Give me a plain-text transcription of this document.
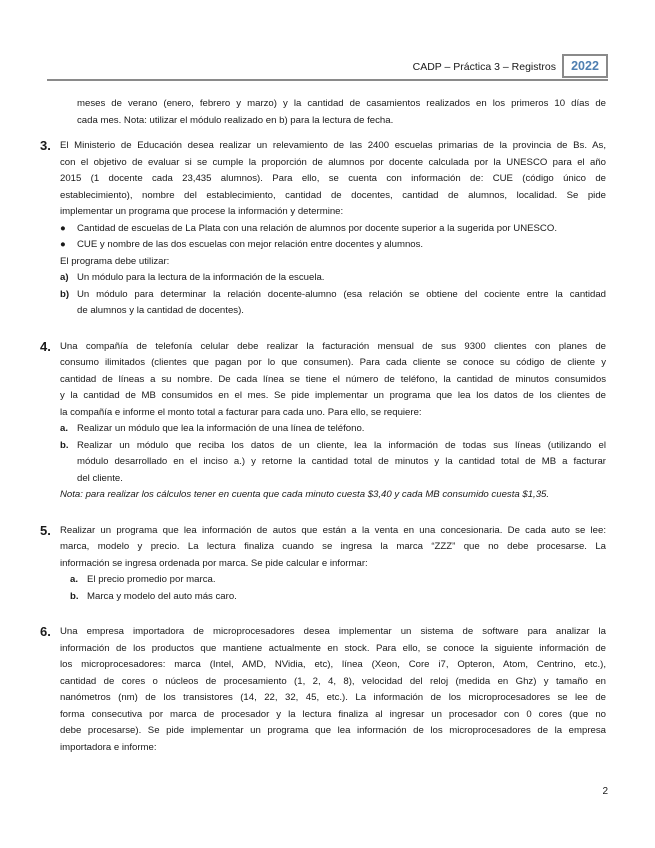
CADP – Práctica 3 – Registros	2022

meses de verano (enero, febrero y marzo) y la cantidad de casamientos realizados en los primeros 10 días de

cada mes. Nota: utilizar el módulo realizado en b) para la lectura de fecha.

3. El Ministerio de Educación desea realizar un relevamiento de las 2400 escuelas primarias de la provincia de Bs. As,

con el objetivo de evaluar si se cumple la proporción de alumnos por docente calculada por la UNESCO para el año

2015 (1 docente cada 23,435 alumnos). Para ello, se cuenta con información de: CUE (código único de

establecimiento), nombre del establecimiento, cantidad de docentes, cantidad de alumnos, localidad. Se pide

implementar un programa que procese la información y determine:

●	Cantidad de escuelas de La Plata con una relación de alumnos por docente superior a la sugerida por UNESCO.

●	CUE y nombre de las dos escuelas con mejor relación entre docentes y alumnos.

El programa debe utilizar:

a) Un módulo para la lectura de la información de la escuela.

b) Un módulo para determinar la relación docente-alumno (esa relación se obtiene del cociente entre la cantidad

de alumnos y la cantidad de docentes).

4. Una compañía de telefonía celular debe realizar la facturación mensual de sus 9300 clientes con planes de

consumo ilimitados (clientes que pagan por lo que consumen). Para cada cliente se conoce su código de cliente y

cantidad de líneas a su nombre. De cada línea se tiene el número de teléfono, la cantidad de minutos consumidos

y la cantidad de MB consumidos en el mes. Se pide implementar un programa que lea los datos de los clientes de

la compañía e informe el monto total a facturar para cada uno. Para ello, se requiere:

a. Realizar un módulo que lea la información de una línea de teléfono.

b. Realizar un módulo que reciba los datos de un cliente, lea la información de todas sus líneas (utilizando el

módulo desarrollado en el inciso a.) y retorne la cantidad total de minutos y la cantidad total de MB a facturar

del cliente.

Nota: para realizar los cálculos tener en cuenta que cada minuto cuesta $3,40 y cada MB consumido cuesta $1,35.

5. Realizar un programa que lea información de autos que están a la venta en una concesionaria. De cada auto se lee:

marca, modelo y precio. La lectura finaliza cuando se ingresa la marca “ZZZ” que no debe procesarse. La

información se ingresa ordenada por marca. Se pide calcular e informar:

a. El precio promedio por marca.

b. Marca y modelo del auto más caro.

6. Una empresa importadora de microprocesadores desea implementar un sistema de software para analizar la

información de los productos que mantiene actualmente en stock. Para ello, se conoce la siguiente información de

los microprocesadores: marca (Intel, AMD, NVidia, etc), línea (Xeon, Core i7, Opteron, Atom, Centrino, etc.),

cantidad de cores o núcleos de procesamiento (1, 2, 4, 8), velocidad del reloj (medida en Ghz) y tamaño en

nanómetros (nm) de los transistores (14, 22, 32, 45, etc.). La información de los microprocesadores se lee de

forma consecutiva por marca de procesador y la lectura finaliza al ingresar un procesador con 0 cores (que no

debe procesarse). Se pide implementar un programa que lea información de los microprocesadores de la empresa

importadora e informe:

2
